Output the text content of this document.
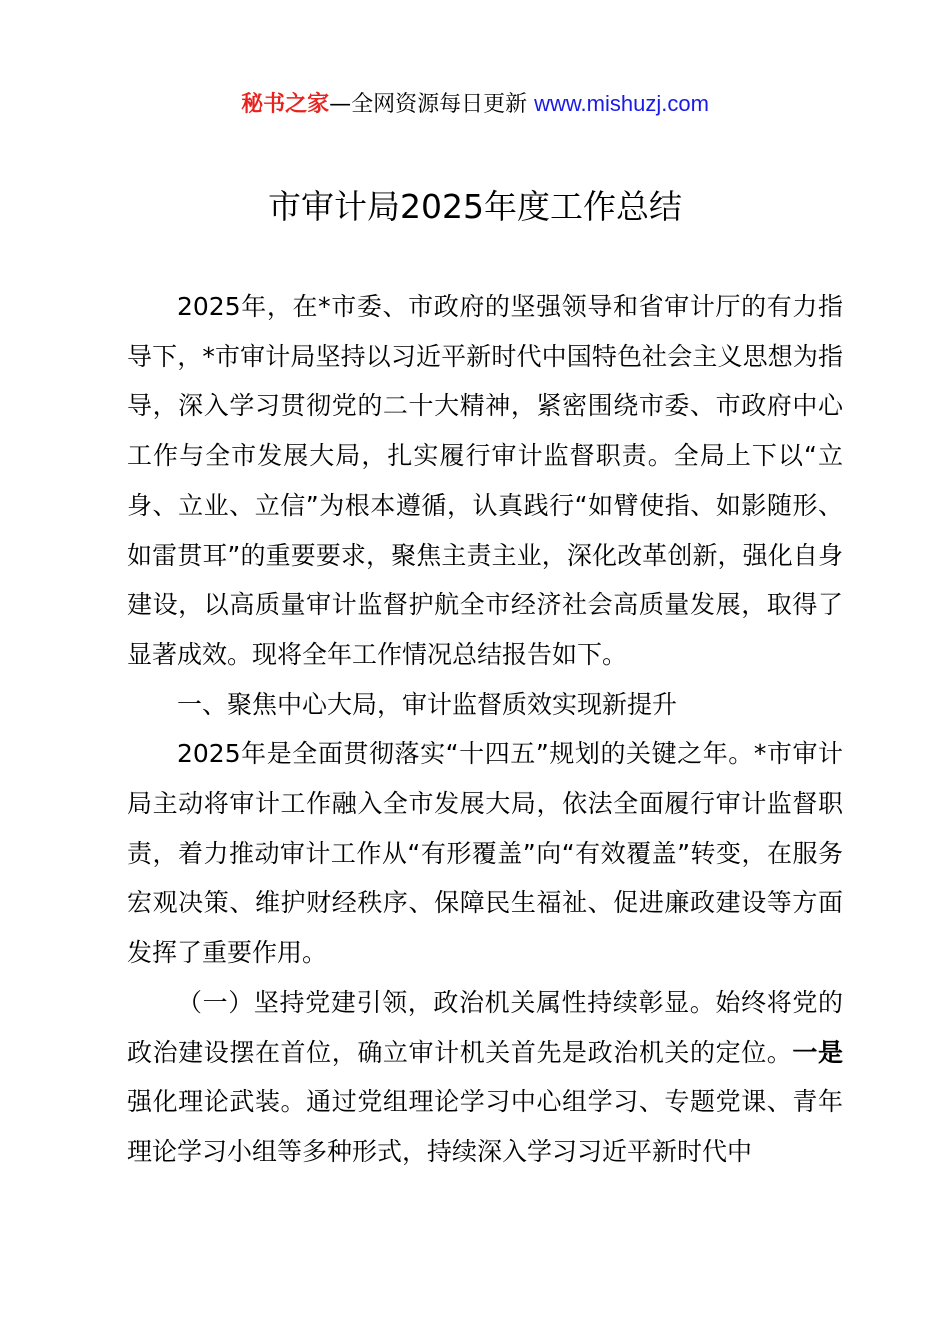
秘书之家—全网资源每日更新 www.mishuzj.com
市审计局2025年度工作总结

2025年，在*市委、市政府的坚强领导和省审计厅的有力指导下，*市审计局坚持以习近平新时代中国特色社会主义思想为指导，深入学习贯彻党的二十大精神，紧密围绕市委、市政府中心工作与全市发展大局，扎实履行审计监督职责。全局上下以“立身、立业、立信”为根本遵循，认真践行“如臂使指、如影随形、如雷贯耳”的重要要求，聚焦主责主业，深化改革创新，强化自身建设，以高质量审计监督护航全市经济社会高质量发展，取得了显著成效。现将全年工作情况总结报告如下。

一、聚焦中心大局，审计监督质效实现新提升

2025年是全面贯彻落实“十四五”规划的关键之年。*市审计局主动将审计工作融入全市发展大局，依法全面履行审计监督职责，着力推动审计工作从“有形覆盖”向“有效覆盖”转变，在服务宏观决策、维护财经秩序、保障民生福祉、促进廉政建设等方面发挥了重要作用。

（一）坚持党建引领，政治机关属性持续彰显。始终将党的政治建设摆在首位，确立审计机关首先是政治机关的定位。一是强化理论武装。通过党组理论学习中心组学习、专题党课、青年理论学习小组等多种形式，持续深入学习习近平新时代中
